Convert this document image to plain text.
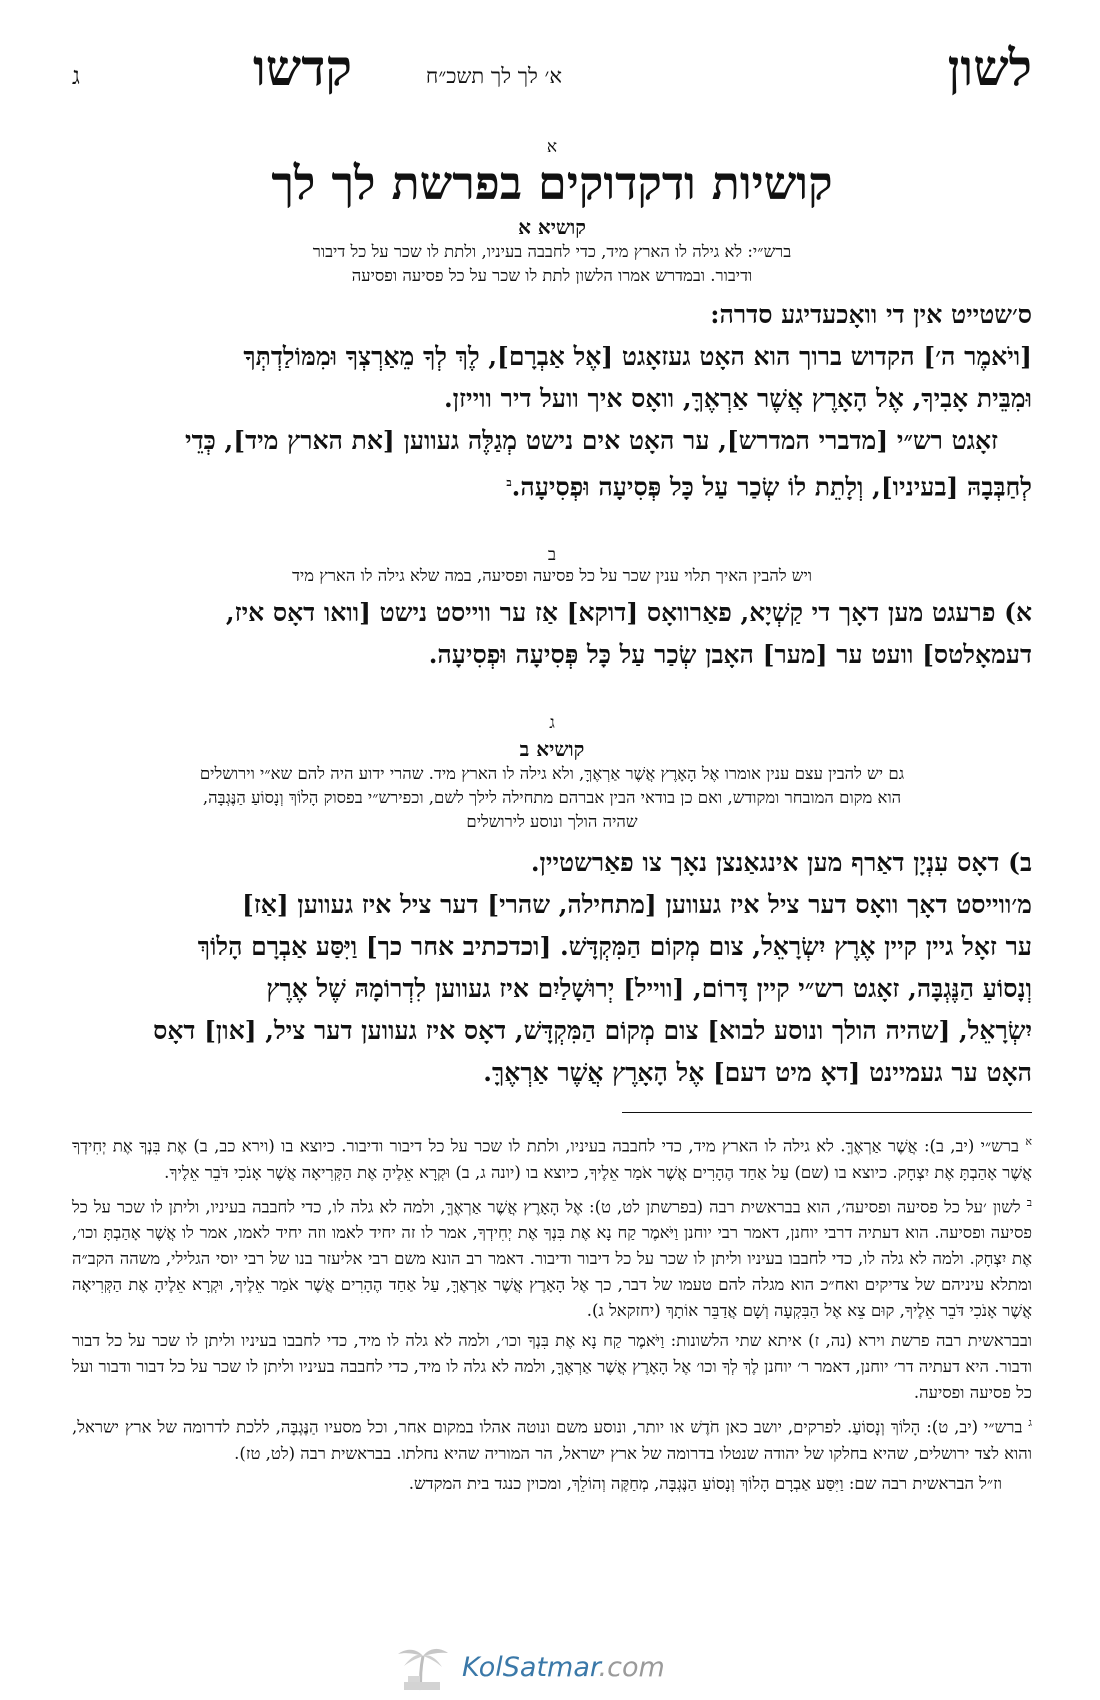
לשון
א׳ לך לך תשכ״ח
קדשו
ג
א
קושיות ודקדוקים בפרשת לך לך
קושיא א
ברש״י: לא גילה לו הארץ מיד, כדי לחבבה בעיניו, ולתת לו שכר על כל דיבור
ודיבור. ובמדרש אמרו הלשון לתת לו שכר על כל פסיעה ופסיעה
ס׳שטייט אין די וואָכעדיגע סדרה:
[ויֹאמֶר ה׳] הקדוש ברוך הוא האָט געזאָגט [אֶל אַבְרָם], לֶךְ לְךָ מֵאַרְצְךָ וּמִמּוֹלַדְתְּךָ
וּמִבֵּית אָבִיךָ, אֶל הָאָרֶץ אֲשֶׁר אַרְאֶךָּ, וואָס איך וועל דיר ווייזן.
זאָגט רש״י [מדברי המדרש], ער האָט אים נישט מְגַלֶּה געווען [את הארץ מיד], כְּדֵי
לְחַבְּבָהּ [בעיניו], וְלָתֵת לוֹ שְׂכַר עַל כָּל פְּסִיעָה וּפְסִיעָה.$^ב$
ב
ויש להבין האיך תלוי ענין שכר על כל פסיעה ופסיעה, במה שלא גילה לו הארץ מיד
א) פרעגט מען דאָך די קַשְׁיָא, פאַרוואָס [דוקא] אַז ער ווייסט נישט [וואו דאָס איז,
דעמאָלטס] וועט ער [מער] האָבן שְׂכַר עַל כָּל פְּסִיעָה וּפְסִיעָה.
ג
קושיא ב
גם יש להבין עצם ענין אומרו אֶל הָאָרֶץ אֲשֶׁר אַרְאֶךָּ, ולא גילה לו הארץ מיד. שהרי ידוע היה להם שא״י וירושלים
הוא מקום המובחר ומקודש, ואם כן בודאי הבין אברהם מתחילה לילך לשם, וכפירש״י בפסוק הָלוֹךְ וְנָסוֹעַ הַנֶּגְבָּה,
שהיה הולך ונוסע לירושלים
ב) דאָס עִנְיָן דאַרף מען אינגאַנצן נאָך צו פאַרשטיין.
מ׳ווייסט דאָך וואָס דער ציל איז געווען [מתחילה, שהרי] דער ציל איז געווען [אַז]
ער זאָל גיין קיין אֶרֶץ יִשְׂרָאֵל, צום מְקוֹם הַמִּקְדָּשׁ. [וכדכתיב אחר כך] וַיִּסַּע אַבְרָם הָלוֹךְ
וְנָסוֹעַ הַנֶּגְבָּה, זאָגט רש״י קיין דָּרוֹם, [ווייל] יְרוּשָׁלַיִם איז געווען לִדְרוֹמָהּ שֶׁל אֶרֶץ
יִשְׂרָאֵל, [שהיה הולך ונוסע לבוא] צום מְקוֹם הַמִּקְדָּשׁ, דאָס איז געווען דער ציל, [און] דאָס
האָט ער געמיינט [דאָ מיט דעם] אֶל הָאָרֶץ אֲשֶׁר אַרְאֶךָּ.

$^א$ ברש״י (יב, ב): אֲשֶׁר אַרְאֶךָּ. לא גילה לו הארץ מיד, כדי לחבבה בעיניו, ולתת לו שכר על כל דיבור ודיבור. כיוצא בו (וירא כב, ב) אֶת בִּנְךָ אֶת יְחִידְךָ אֲשֶׁר אָהַבְתָּ אֶת יִצְחָק. כיוצא בו (שם) עַל אַחַד הֶהָרִים אֲשֶׁר אֹמַר אֵלֶיךָ, כיוצא בו (יונה ג, ב) וּקְרָא אֵלֶיהָ אֶת הַקְּרִיאָה אֲשֶׁר אָנֹכִי דֹּבֵר אֵלֶיךָ.

$^ב$ לשון ׳על כל פסיעה ופסיעה׳, הוא בבראשית רבה (בפרשתן לט, ט): אֶל הָאָרֶץ אֲשֶׁר אַרְאֶךָּ, ולמה לא גלה לו, כדי לחבבה בעיניו, וליתן לו שכר על כל פסיעה ופסיעה. הוא דעתיה דרבי יוחנן, דאמר רבי יוחנן וַיֹּאמֶר קַח נָא אֶת בִּנְךָ אֶת יְחִידְךָ, אמר לו זה יחיד לאמו וזה יחיד לאמו, אמר לו אֲשֶׁר אָהַבְתָּ וכו׳, אֶת יִצְחָק. ולמה לא גלה לו, כדי לחבבו בעיניו וליתן לו שכר על כל דיבור ודיבור. דאמר רב הונא משם רבי אליעזר בנו של רבי יוסי הגלילי, משהה הקב״ה ומתלא עיניהם של צדיקים ואח״כ הוא מגלה להם טעמו של דבר, כך אֶל הָאָרֶץ אֲשֶׁר אַרְאֶךָּ, עַל אַחַד הֶהָרִים אֲשֶׁר אֹמַר אֵלֶיךָ, וּקְרָא אֵלֶיהָ אֶת הַקְּרִיאָה אֲשֶׁר אָנֹכִי דֹּבֵר אֵלֶיךָ, קוּם צֵא אֶל הַבִּקְעָה וְשָׁם אֲדַבֵּר אוֹתָךְ (יחזקאל ג).

ובבראשית רבה פרשת וירא (נה, ז) איתא שתי הלשונות: וַיֹּאמֶר קַח נָא אֶת בִּנְךָ וכו׳, ולמה לא גלה לו מיד, כדי לחבבו בעיניו וליתן לו שכר על כל דבור ודבור. היא דעתיה דר׳ יוחנן, דאמר ר׳ יוחנן לֶךְ לְךָ וכו׳ אֶל הָאָרֶץ אֲשֶׁר אַרְאֶךָּ, ולמה לא גלה לו מיד, כדי לחבבה בעיניו וליתן לו שכר על כל דבור ודבור ועל כל פסיעה ופסיעה.

$^ג$ ברש״י (יב, ט): הָלוֹךְ וְנָסוֹעַ. לפרקים, יושב כאן חֹדֶשׁ או יותר, ונוסע משם ונוטה אהלו במקום אחר, וכל מסעיו הַנֶּגְבָּה, ללכת לדרומה של ארץ ישראל, והוא לצד ירושלים, שהיא בחלקו של יהודה שנטלו בדרומה של ארץ ישראל, הר המוריה שהיא נחלתו. בבראשית רבה (לט, טז).

וז״ל הבראשית רבה שם: וַיִּסַּע אַבְרָם הָלוֹךְ וְנָסוֹעַ הַנֶּגְבָּה, מְחַקֶּה וְהוֹלֵךְ, ומכוין כנגד בית המקדש.

KolSatmar.com
